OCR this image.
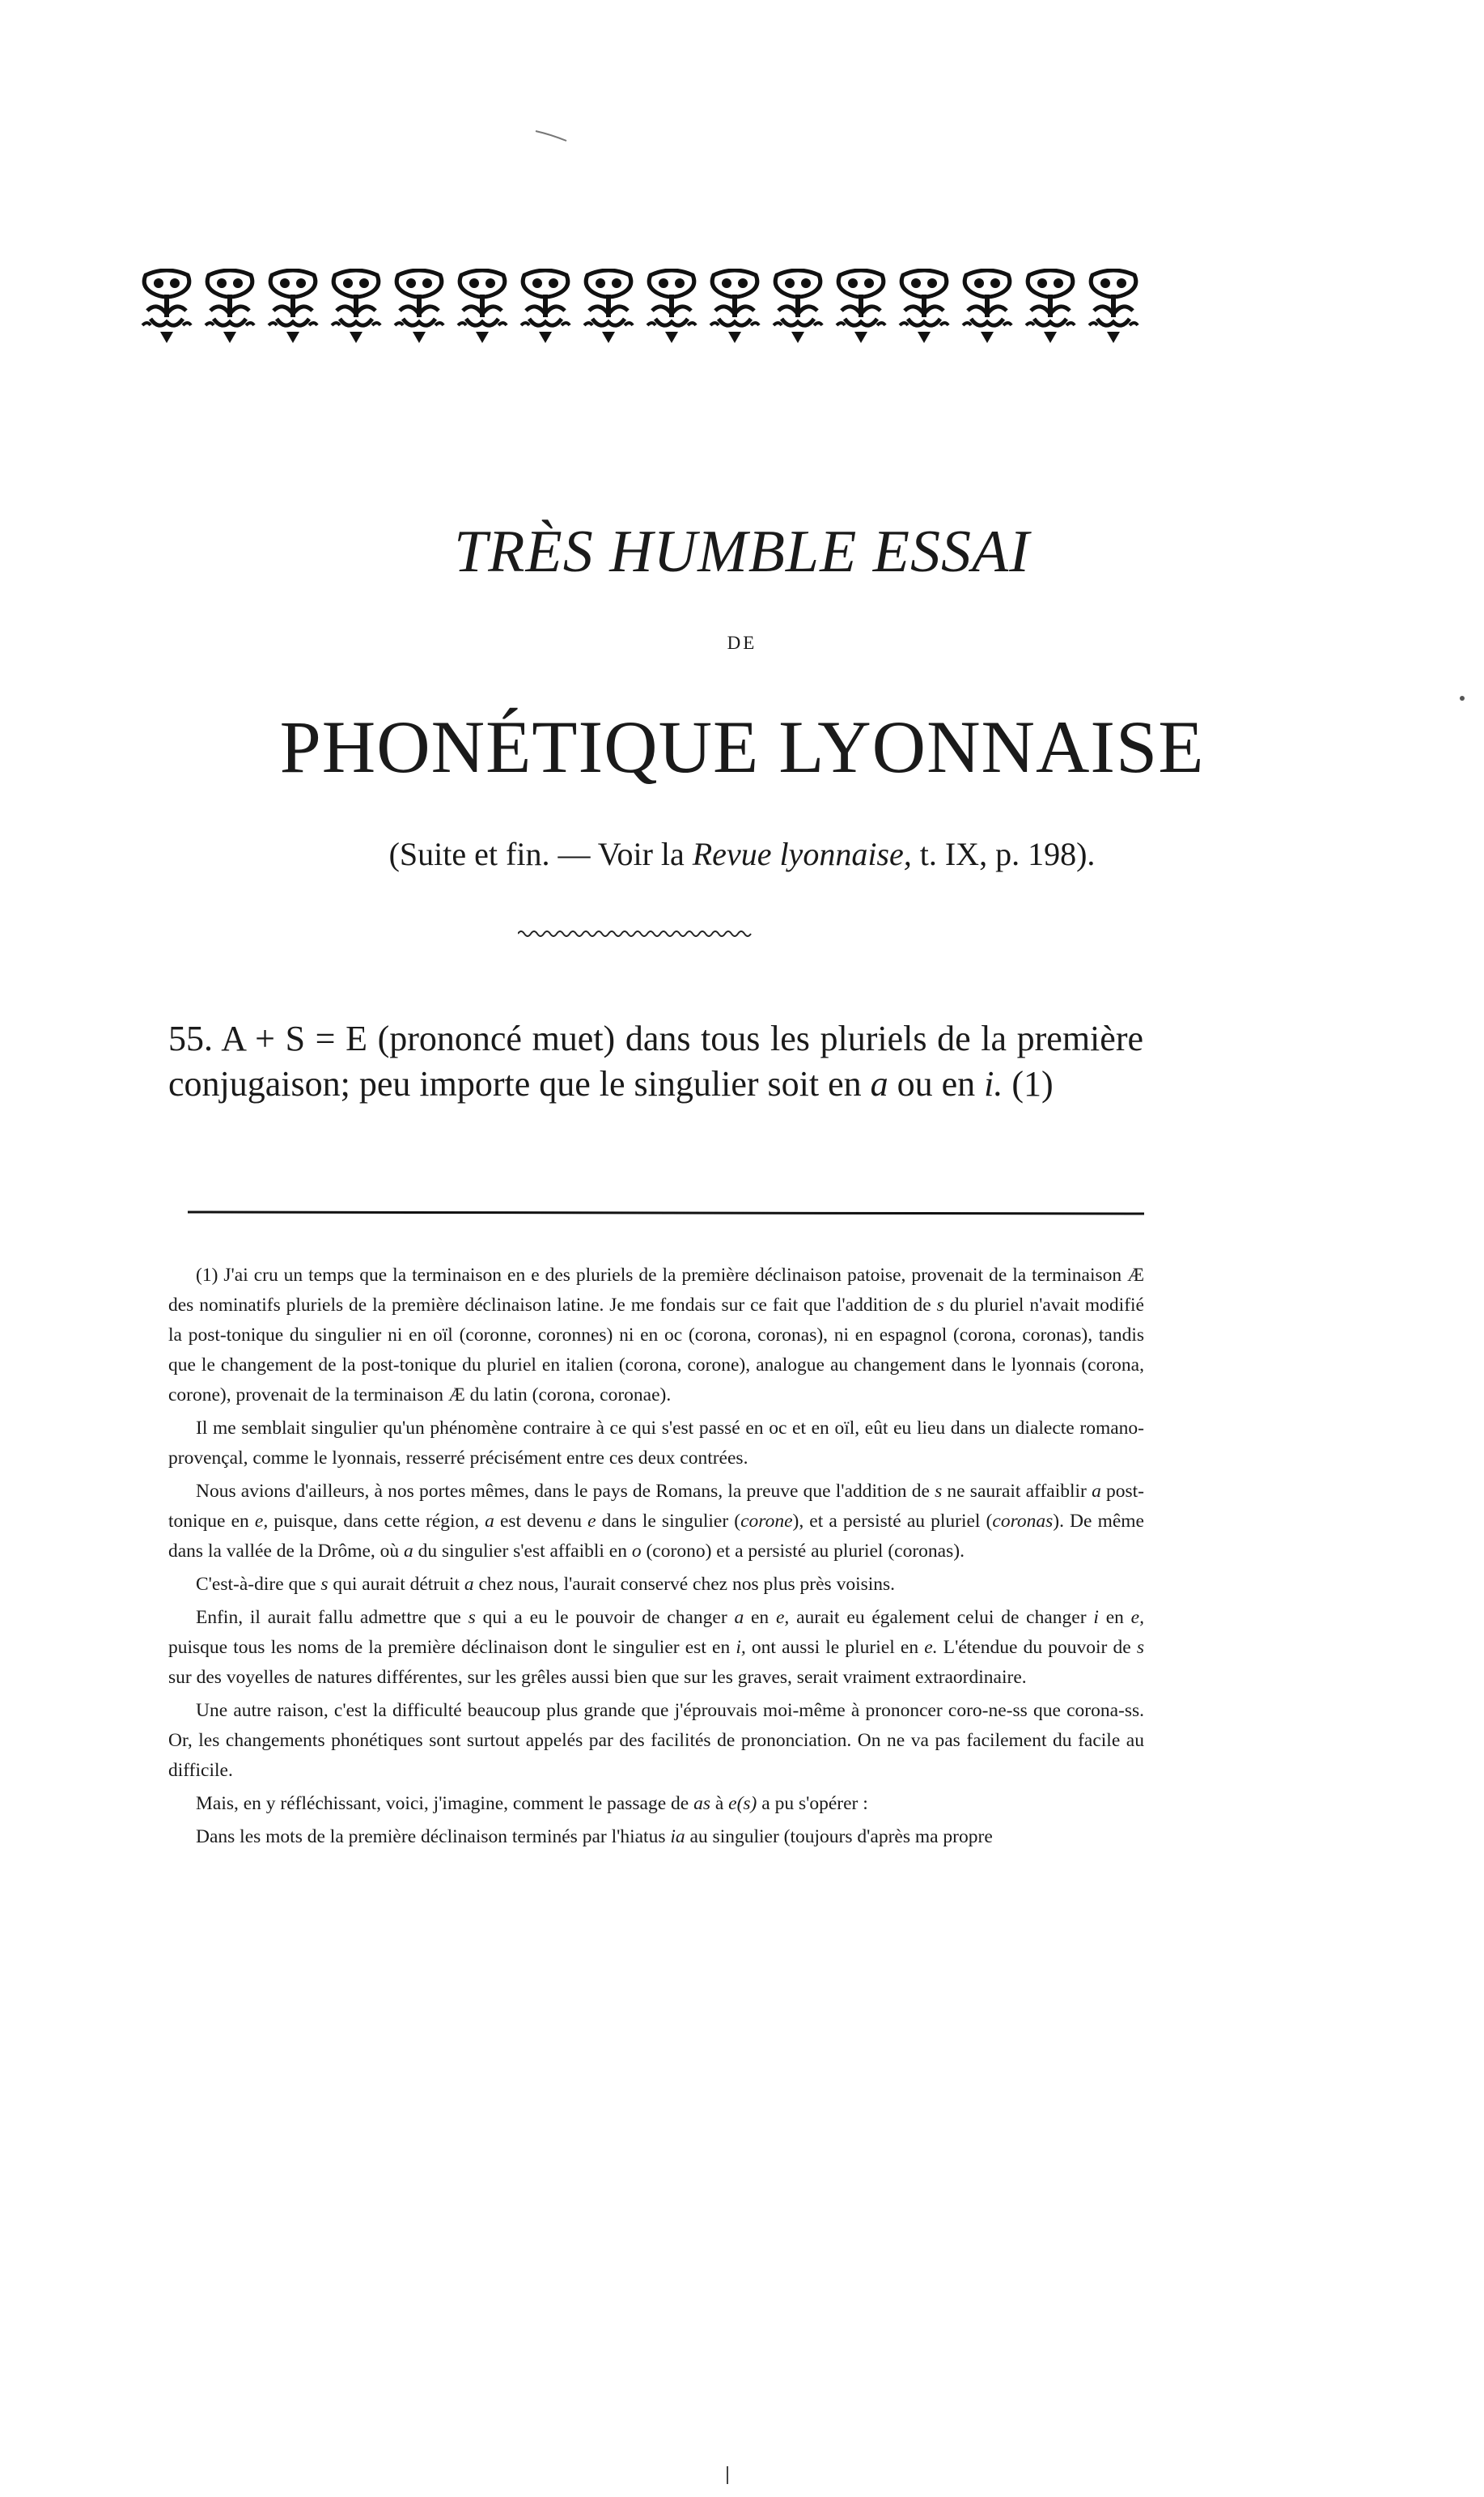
TRÈS HUMBLE ESSAI
DE
PHONÉTIQUE LYONNAISE
(Suite et fin. — Voir la Revue lyonnaise, t. IX, p. 198).

55. A + S = E (prononcé muet) dans tous les pluriels de la première conjugaison; peu importe que le singulier soit en a ou en i. (1)

(1) J'ai cru un temps que la terminaison en e des pluriels de la première déclinaison patoise, provenait de la terminaison Æ des nominatifs pluriels de la première déclinaison latine. Je me fondais sur ce fait que l'addition de s du pluriel n'avait modifié la post-tonique du singulier ni en oïl (coronne, coronnes) ni en oc (corona, coronas), ni en espagnol (corona, coronas), tandis que le changement de la post-tonique du pluriel en italien (corona, corone), analogue au changement dans le lyonnais (corona, corone), provenait de la terminaison Æ du latin (corona, coronae).

Il me semblait singulier qu'un phénomène contraire à ce qui s'est passé en oc et en oïl, eût eu lieu dans un dialecte romano-provençal, comme le lyonnais, resserré précisément entre ces deux contrées.

Nous avions d'ailleurs, à nos portes mêmes, dans le pays de Romans, la preuve que l'addition de s ne saurait affaiblir a post-tonique en e, puisque, dans cette région, a est devenu e dans le singulier (corone), et a persisté au pluriel (coronas). De même dans la vallée de la Drôme, où a du singulier s'est affaibli en o (corono) et a persisté au pluriel (coronas).

C'est-à-dire que s qui aurait détruit a chez nous, l'aurait conservé chez nos plus près voisins.

Enfin, il aurait fallu admettre que s qui a eu le pouvoir de changer a en e, aurait eu également celui de changer i en e, puisque tous les noms de la première déclinaison dont le singulier est en i, ont aussi le pluriel en e. L'étendue du pouvoir de s sur des voyelles de natures différentes, sur les grêles aussi bien que sur les graves, serait vraiment extraordinaire.

Une autre raison, c'est la difficulté beaucoup plus grande que j'éprouvais moi-même à prononcer coro-ne-ss que corona-ss. Or, les changements phonétiques sont surtout appelés par des facilités de prononciation. On ne va pas facilement du facile au difficile.

Mais, en y réfléchissant, voici, j'imagine, comment le passage de as à e(s) a pu s'opérer :

Dans les mots de la première déclinaison terminés par l'hiatus ia au singulier (toujours d'après ma propre
